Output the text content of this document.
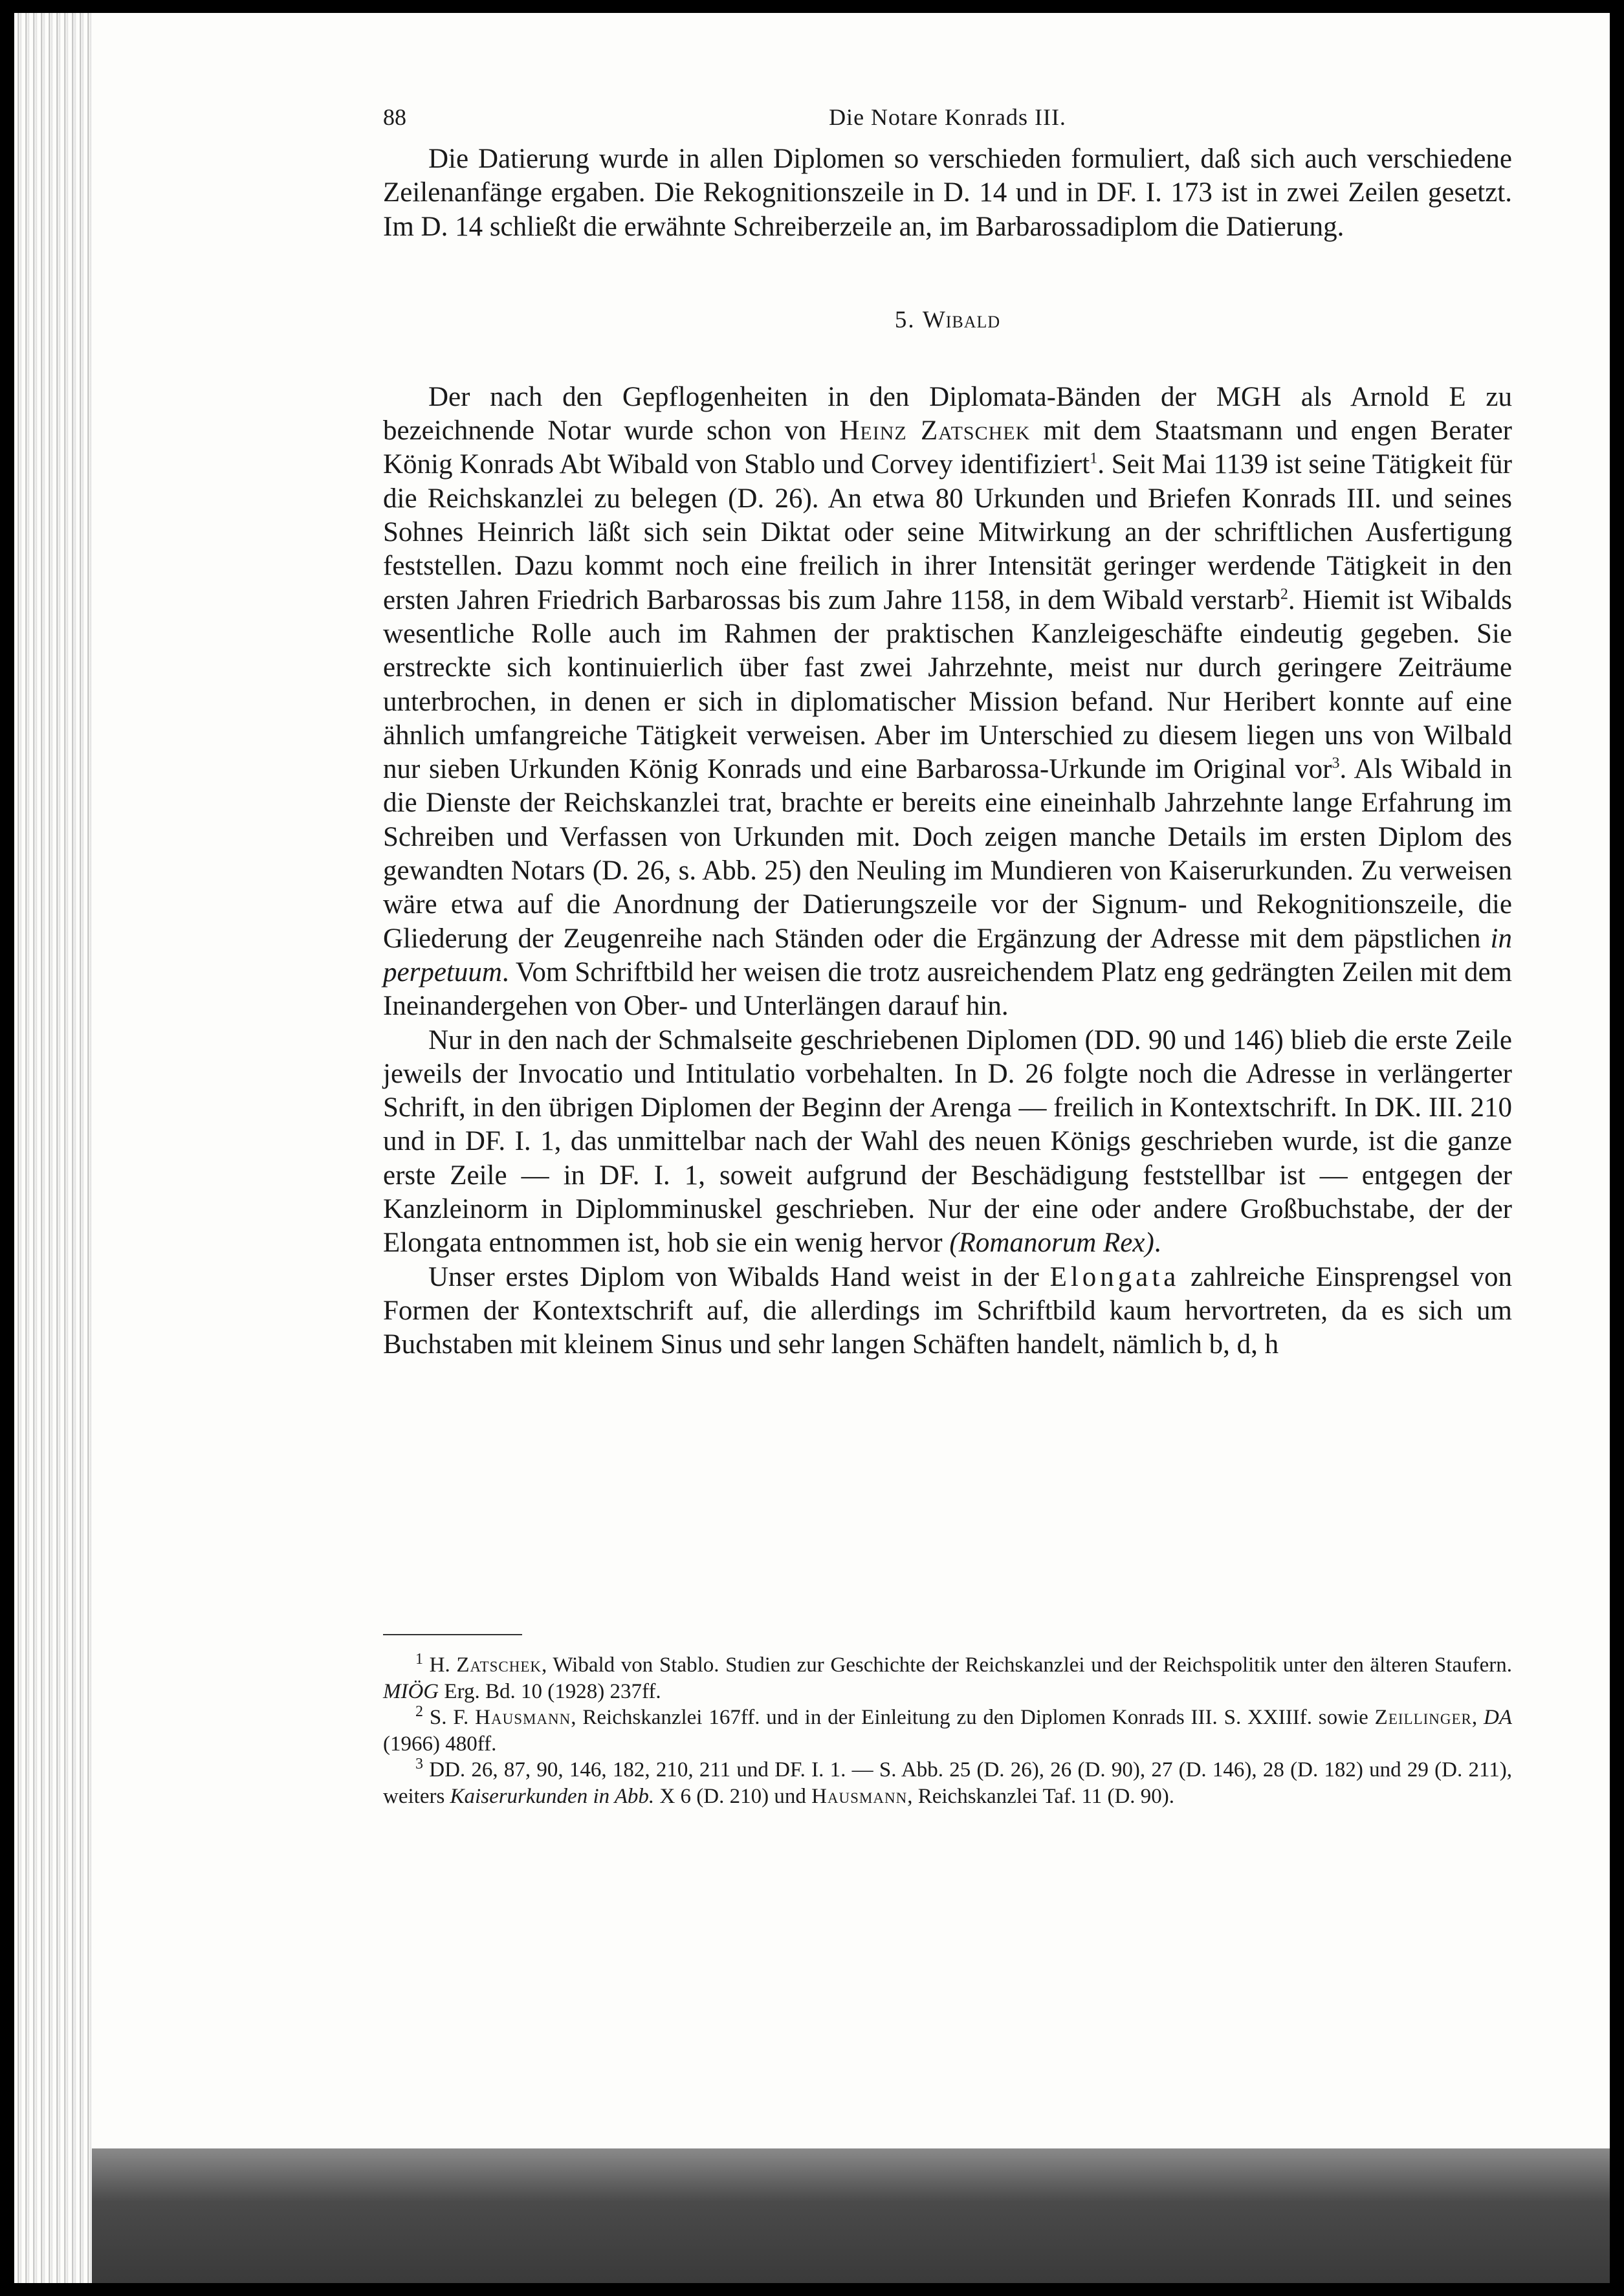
88	Die Notare Konrads III.

Die Datierung wurde in allen Diplomen so verschieden formuliert, daß sich auch verschiedene Zeilenanfänge ergaben. Die Rekognitionszeile in D. 14 und in DF. I. 173 ist in zwei Zeilen gesetzt. Im D. 14 schließt die erwähnte Schreiberzeile an, im Barbarossadiplom die Datierung.

5. Wibald

Der nach den Gepflogenheiten in den Diplomata-Bänden der MGH als Arnold E zu bezeichnende Notar wurde schon von Heinz Zatschek mit dem Staatsmann und engen Berater König Konrads Abt Wibald von Stablo und Corvey identifiziert$^1$. Seit Mai 1139 ist seine Tätigkeit für die Reichskanzlei zu belegen (D. 26). An etwa 80 Urkunden und Briefen Konrads III. und seines Sohnes Heinrich läßt sich sein Diktat oder seine Mitwirkung an der schriftlichen Ausfertigung feststellen. Dazu kommt noch eine freilich in ihrer Intensität geringer werdende Tätigkeit in den ersten Jahren Friedrich Barbarossas bis zum Jahre 1158, in dem Wibald verstarb$^2$. Hiemit ist Wibalds wesentliche Rolle auch im Rahmen der praktischen Kanzleigeschäfte eindeutig gegeben. Sie erstreckte sich kontinuierlich über fast zwei Jahrzehnte, meist nur durch geringere Zeiträume unterbrochen, in denen er sich in diplomatischer Mission befand. Nur Heribert konnte auf eine ähnlich umfangreiche Tätigkeit verweisen. Aber im Unterschied zu diesem liegen uns von Wilbald nur sieben Urkunden König Konrads und eine Barbarossa-Urkunde im Original vor$^3$. Als Wibald in die Dienste der Reichskanzlei trat, brachte er bereits eine eineinhalb Jahrzehnte lange Erfahrung im Schreiben und Verfassen von Urkunden mit. Doch zeigen manche Details im ersten Diplom des gewandten Notars (D. 26, s. Abb. 25) den Neuling im Mundieren von Kaiserurkunden. Zu verweisen wäre etwa auf die Anordnung der Datierungszeile vor der Signum- und Rekognitionszeile, die Gliederung der Zeugenreihe nach Ständen oder die Ergänzung der Adresse mit dem päpstlichen in perpetuum. Vom Schriftbild her weisen die trotz ausreichendem Platz eng gedrängten Zeilen mit dem Ineinandergehen von Ober- und Unterlängen darauf hin.

Nur in den nach der Schmalseite geschriebenen Diplomen (DD. 90 und 146) blieb die erste Zeile jeweils der Invocatio und Intitulatio vorbehalten. In D. 26 folgte noch die Adresse in verlängerter Schrift, in den übrigen Diplomen der Beginn der Arenga — freilich in Kontextschrift. In DK. III. 210 und in DF. I. 1, das unmittelbar nach der Wahl des neuen Königs geschrieben wurde, ist die ganze erste Zeile — in DF. I. 1, soweit aufgrund der Beschädigung feststellbar ist — entgegen der Kanzleinorm in Diplomminuskel geschrieben. Nur der eine oder andere Großbuchstabe, der der Elongata entnommen ist, hob sie ein wenig hervor (Romanorum Rex).

Unser erstes Diplom von Wibalds Hand weist in der Elongata zahlreiche Einsprengsel von Formen der Kontextschrift auf, die allerdings im Schriftbild kaum hervortreten, da es sich um Buchstaben mit kleinem Sinus und sehr langen Schäften handelt, nämlich b, d, h

$^1$ H. Zatschek, Wibald von Stablo. Studien zur Geschichte der Reichskanzlei und der Reichspolitik unter den älteren Staufern. MIÖG Erg. Bd. 10 (1928) 237ff.

$^2$ S. F. Hausmann, Reichskanzlei 167ff. und in der Einleitung zu den Diplomen Konrads III. S. XXIIIf. sowie Zeillinger, DA (1966) 480ff.

$^3$ DD. 26, 87, 90, 146, 182, 210, 211 und DF. I. 1. — S. Abb. 25 (D. 26), 26 (D. 90), 27 (D. 146), 28 (D. 182) und 29 (D. 211), weiters Kaiserurkunden in Abb. X 6 (D. 210) und Hausmann, Reichskanzlei Taf. 11 (D. 90).
